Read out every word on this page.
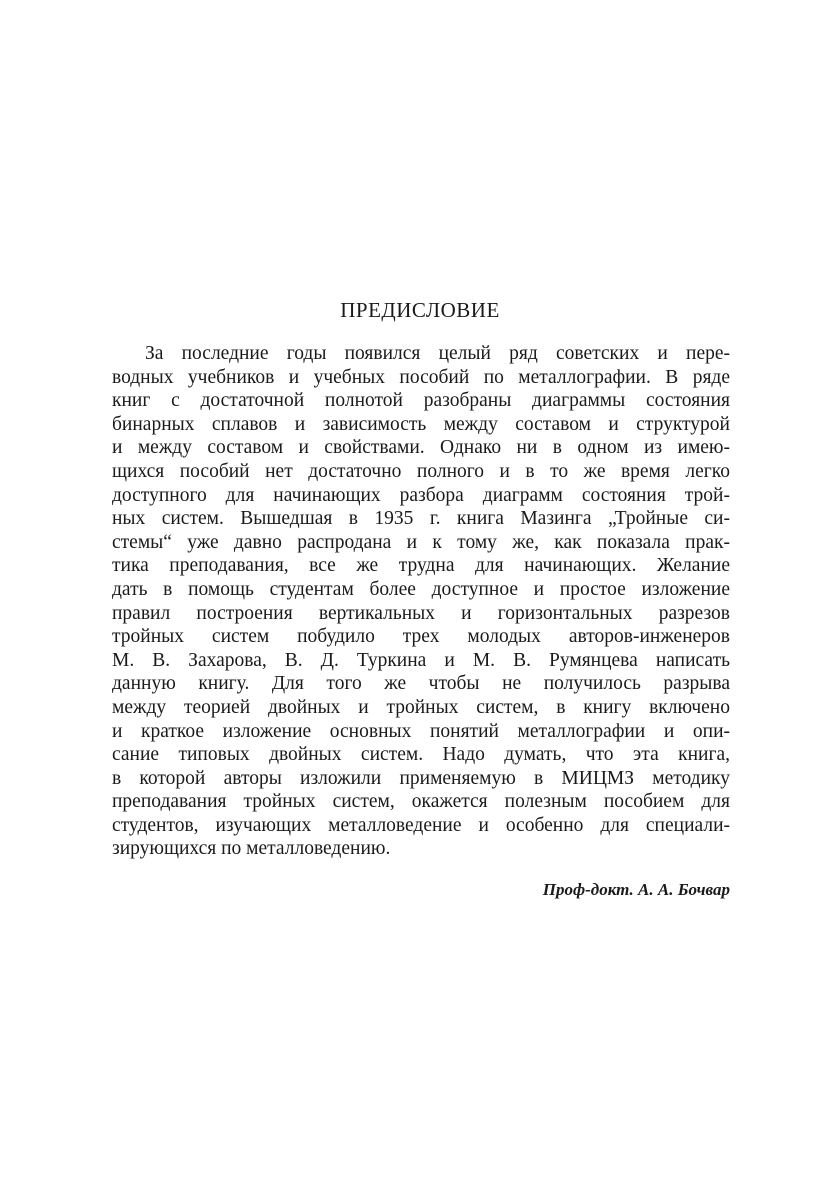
ПРЕДИСЛОВИЕ
За последние годы появился целый ряд советских и пере-
водных учебников и учебных пособий по металлографии. В ряде
книг с достаточной полнотой разобраны диаграммы состояния
бинарных сплавов и зависимость между составом и структурой
и между составом и свойствами. Однако ни в одном из имею-
щихся пособий нет достаточно полного и в то же время легко
доступного для начинающих разбора диаграмм состояния трой-
ных систем. Вышедшая в 1935 г. книга Мазинга „Тройные си-
стемы“ уже давно распродана и к тому же, как показала прак-
тика преподавания, все же трудна для начинающих. Желание
дать в помощь студентам более доступное и простое изложение
правил построения вертикальных и горизонтальных разрезов
тройных систем побудило трех молодых авторов-инженеров
М. В. Захарова, В. Д. Туркина и М. В. Румянцева написать
данную книгу. Для того же чтобы не получилось разрыва
между теорией двойных и тройных систем, в книгу включено
и краткое изложение основных понятий металлографии и опи-
сание типовых двойных систем. Надо думать, что эта книга,
в которой авторы изложили применяемую в МИЦМЗ методику
преподавания тройных систем, окажется полезным пособием для
студентов, изучающих металловедение и особенно для специали-
зирующихся по металловедению.
Проф-докт. А. А. Бочвар
